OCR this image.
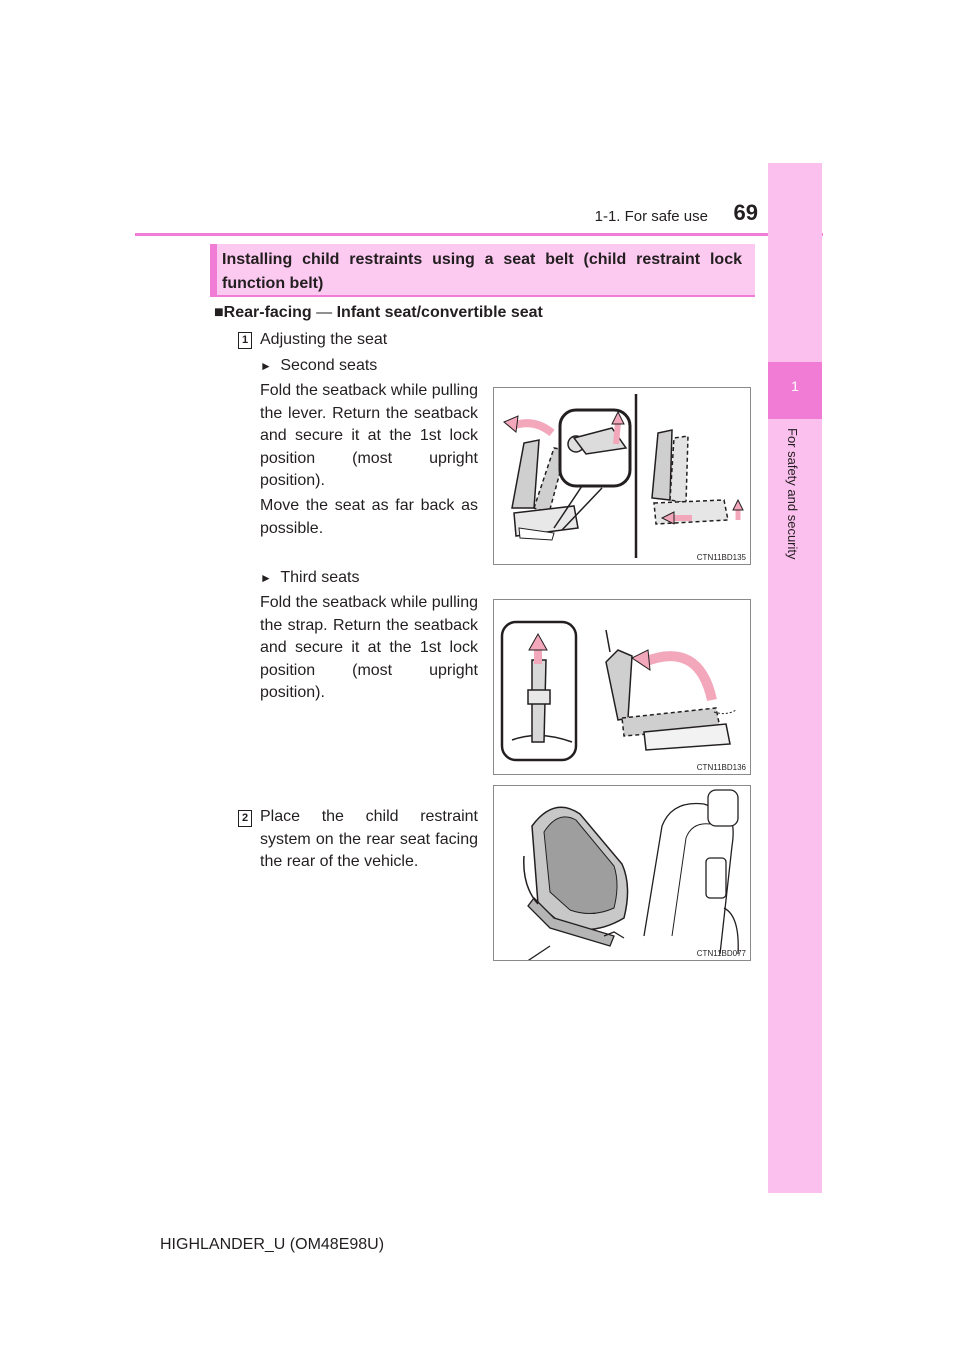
1-1. For safe use	69
1
For safety and security
Installing child restraints using a seat belt (child restraint lock
function belt)
■Rear-facing — Infant seat/convertible seat
1 Adjusting the seat
► Second seats
Fold the seatback while pulling the lever. Return the seatback and secure it at the 1st lock position (most upright position).
Move the seat as far back as possible.
► Third seats
Fold the seatback while pulling the strap. Return the seatback and secure it at the 1st lock position (most upright position).
2 Place the child restraint system on the rear seat facing the rear of the vehicle.
CTN11BD135
CTN11BD136
CTN11BD077
HIGHLANDER_U (OM48E98U)
